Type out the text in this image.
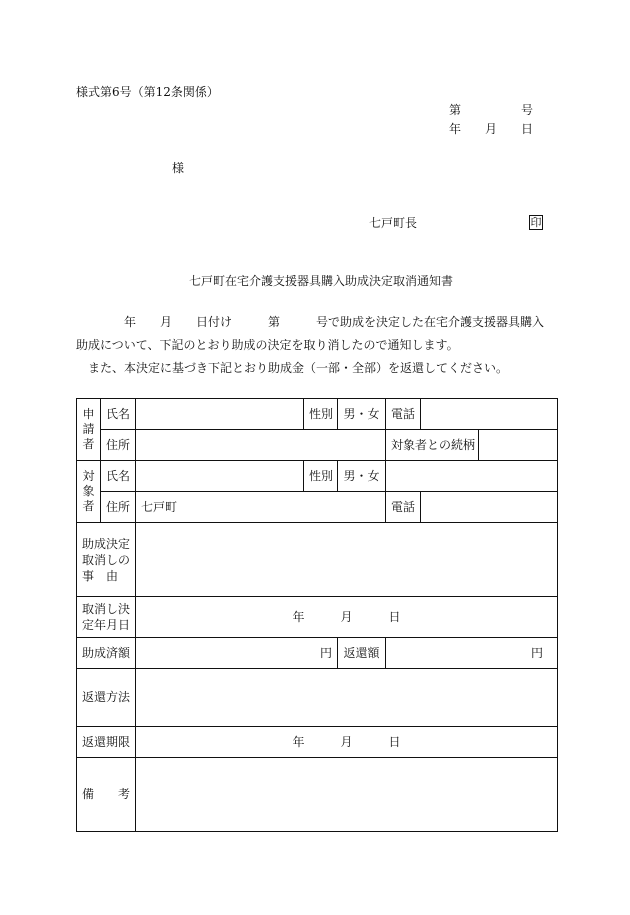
様式第6号（第12条関係）
第	号
年 月 日
様
七戸町長	印
七戸町在宅介護支援器具購入助成決定取消通知書
　　　　年　　月　　日付け　　　第　　　号で助成を決定した在宅介護支援器具購入
助成について、下記のとおり助成の決定を取り消したので通知します。
　また、本決定に基づき下記とおり助成金（一部・全部）を返還してください。
申請者	氏名		性別	男・女	電話		
	住所				対象者との続柄		
対象者	氏名		性別	男・女			
	住所	七戸町			電話		
助成決定取消しの事　由							
取消し決定年月日		年 月 日					
助成済額		円		返還額	円		
返還方法							
返還期限		年 月 日					
備　　考							
